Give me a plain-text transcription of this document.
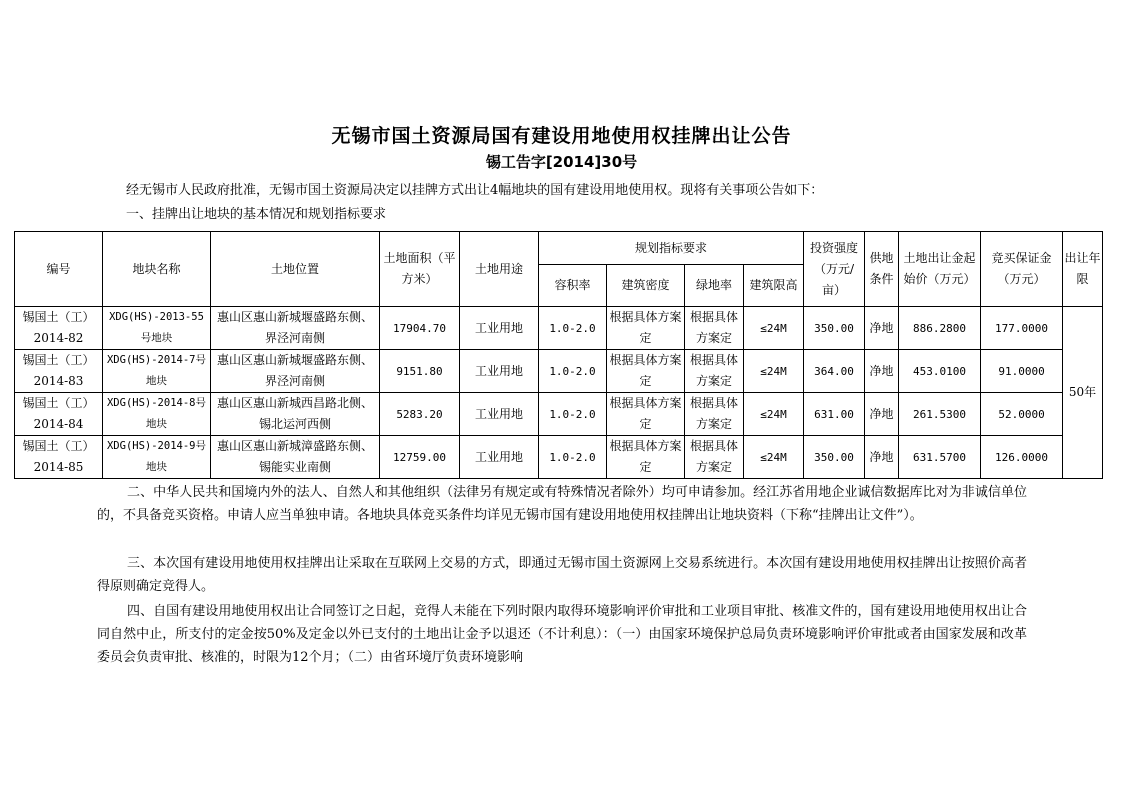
无锡市国土资源局国有建设用地使用权挂牌出让公告
锡工告字[2014]30号
经无锡市人民政府批准，无锡市国土资源局决定以挂牌方式出让4幅地块的国有建设用地使用权。现将有关事项公告如下：
一、挂牌出让地块的基本情况和规划指标要求
编号	地块名称	土地位置	土地面积（平方米）	土地用途	规划指标要求				投资强度（万元/亩）	供地条件	土地出让金起始价（万元）	竞买保证金（万元）	出让年限
					容积率	建筑密度	绿地率	建筑限高					
锡国土（工）2014-82	XDG(HS)-2013-55号地块	惠山区惠山新城堰盛路东侧、界泾河南侧	17904.70	工业用地	1.0-2.0	根据具体方案定	根据具体方案定	≤24M	350.00	净地	886.2800	177.0000	50年
锡国土（工）2014-83	XDG(HS)-2014-7号地块	惠山区惠山新城堰盛路东侧、界泾河南侧	9151.80	工业用地	1.0-2.0	根据具体方案定	根据具体方案定	≤24M	364.00	净地	453.0100	91.0000	
锡国土（工）2014-84	XDG(HS)-2014-8号地块	惠山区惠山新城西昌路北侧、锡北运河西侧	5283.20	工业用地	1.0-2.0	根据具体方案定	根据具体方案定	≤24M	631.00	净地	261.5300	52.0000	
锡国土（工）2014-85	XDG(HS)-2014-9号地块	惠山区惠山新城漳盛路东侧、锡能实业南侧	12759.00	工业用地	1.0-2.0	根据具体方案定	根据具体方案定	≤24M	350.00	净地	631.5700	126.0000	
二、中华人民共和国境内外的法人、自然人和其他组织（法律另有规定或有特殊情况者除外）均可申请参加。经江苏省用地企业诚信数据库比对为非诚信单位的，不具备竞买资格。申请人应当单独申请。各地块具体竞买条件均详见无锡市国有建设用地使用权挂牌出让地块资料（下称“挂牌出让文件”）。
三、本次国有建设用地使用权挂牌出让采取在互联网上交易的方式，即通过无锡市国土资源网上交易系统进行。本次国有建设用地使用权挂牌出让按照价高者得原则确定竞得人。
四、自国有建设用地使用权出让合同签订之日起，竞得人未能在下列时限内取得环境影响评价审批和工业项目审批、核准文件的，国有建设用地使用权出让合同自然中止，所支付的定金按50%及定金以外已支付的土地出让金予以退还（不计利息）：（一）由国家环境保护总局负责环境影响评价审批或者由国家发展和改革委员会负责审批、核准的，时限为12个月；（二）由省环境厅负责环境影响
